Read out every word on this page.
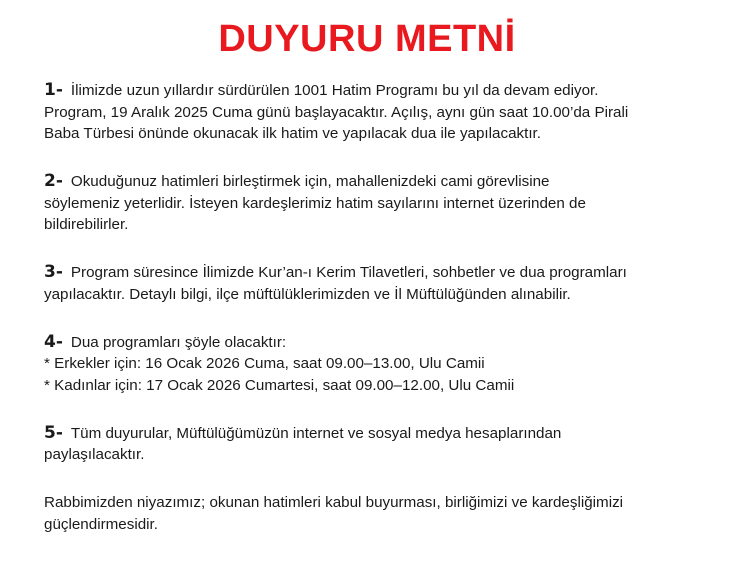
DUYURU METNİ
1- İlimizde uzun yıllardır sürdürülen 1001 Hatim Programı bu yıl da devam ediyor.
Program, 19 Aralık 2025 Cuma günü başlayacaktır. Açılış, aynı gün saat 10.00’da Pirali
Baba Türbesi önünde okunacak ilk hatim ve yapılacak dua ile yapılacaktır.
2- Okuduğunuz hatimleri birleştirmek için, mahallenizdeki cami görevlisine
söylemeniz yeterlidir. İsteyen kardeşlerimiz hatim sayılarını internet üzerinden de
bildirebilirler.
3- Program süresince İlimizde Kur’an-ı Kerim Tilavetleri, sohbetler ve dua programları
yapılacaktır. Detaylı bilgi, ilçe müftülüklerimizden ve İl Müftülüğünden alınabilir.
4- Dua programları şöyle olacaktır:
* Erkekler için: 16 Ocak 2026 Cuma, saat 09.00–13.00, Ulu Camii
* Kadınlar için: 17 Ocak 2026 Cumartesi, saat 09.00–12.00, Ulu Camii
5- Tüm duyurular, Müftülüğümüzün internet ve sosyal medya hesaplarından
paylaşılacaktır.
Rabbimizden niyazımız; okunan hatimleri kabul buyurması, birliğimizi ve kardeşliğimizi
güçlendirmesidir.
